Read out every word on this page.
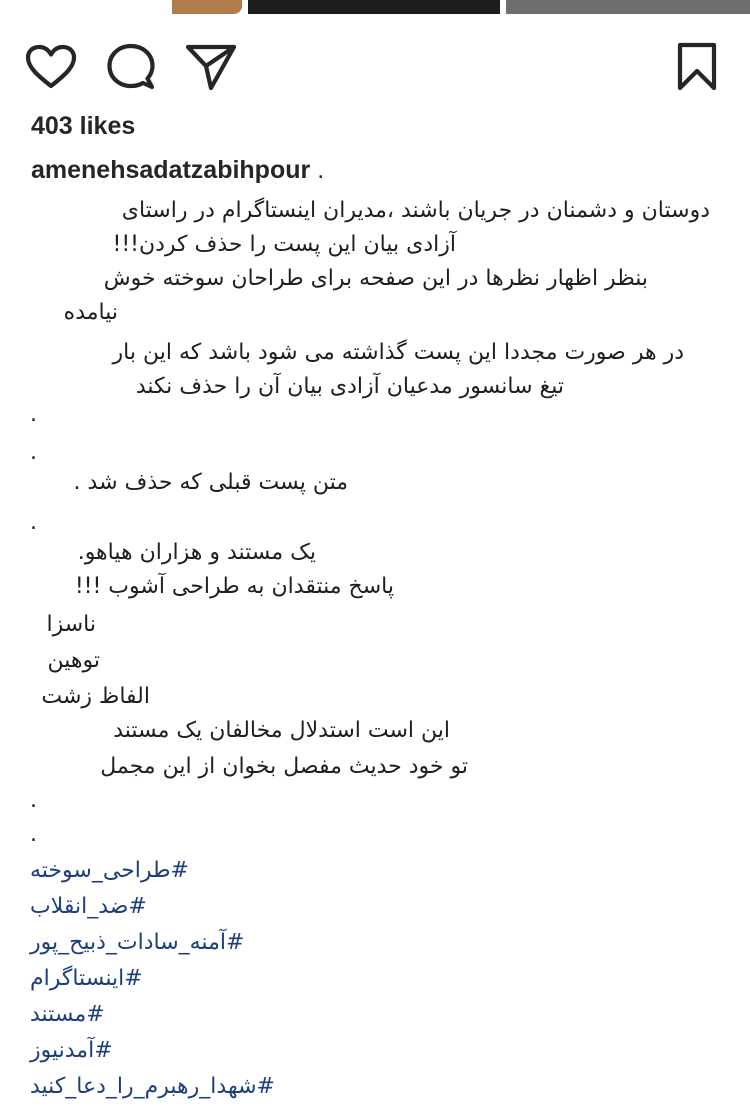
403 likes
amenehsadatzabihpour .
دوستان و دشمنان در جریان باشند ،مدیران اینستاگرام در راستای
آزادی بیان این پست را حذف کردن!!!
بنظر اظهار نظرها در این صفحه برای طراحان سوخته خوش
نیامده
در هر صورت مجددا این پست گذاشته می شود باشد که این بار
تیغ سانسور مدعیان آزادی بیان آن را حذف نکند
.
.
متن پست قبلی که حذف شد .
.
یک مستند و هزاران هیاهو.
پاسخ منتقدان به طراحی آشوب !!!
ناسزا
توهین
الفاظ زشت
این است استدلال مخالفان یک مستند
تو خود حدیث مفصل بخوان از این مجمل
.
.
#طراحی_سوخته
#ضد_انقلاب
#آمنه_سادات_ذبیح_پور
#اینستاگرام
#مستند
#آمدنیوز
#شهدا_رهبرم_را_دعا_کنید
